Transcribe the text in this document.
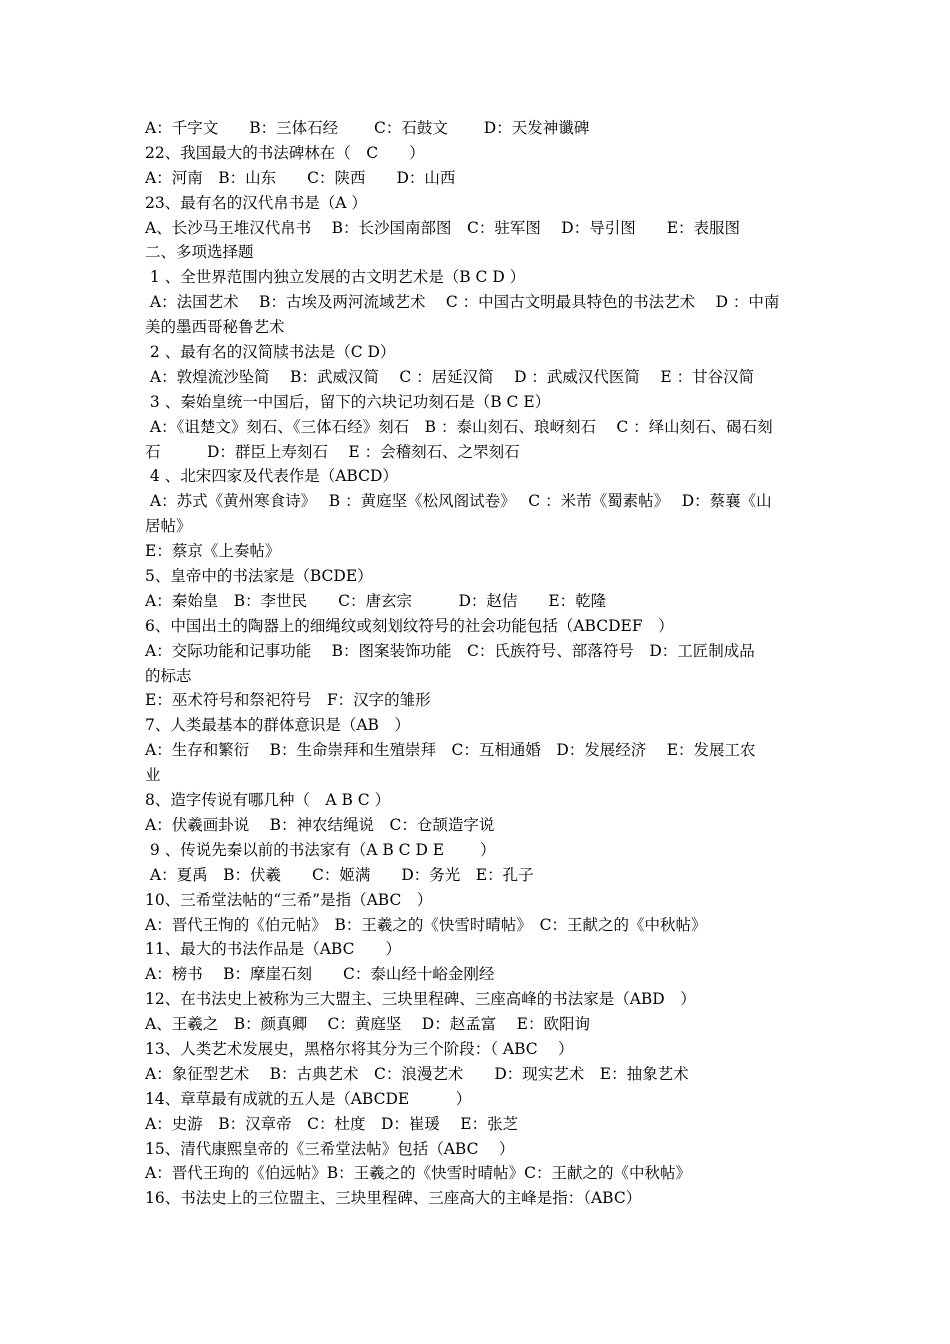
A：千字文　　B：三体石经　　 C：石鼓文　　 D：天发神谶碑
22、我国最大的书法碑林在（　C　　）
A：河南　B：山东　　C：陕西　　D：山西
23、最有名的汉代帛书是（A ）
A、长沙马王堆汉代帛书　 B：长沙国南部图　C：驻军图　 D：导引图　　E：表服图
二、多项选择题
1 、全世界范围内独立发展的古文明艺术是（B C D ）
A：法国艺术　 B：古埃及两河流域艺术　 C ：中国古文明最具特色的书法艺术　 D ：中南
美的墨西哥秘鲁艺术
2 、最有名的汉简牍书法是（C D）
A：敦煌流沙坠简　 B：武威汉简　 C ：居延汉简　 D ：武威汉代医简　 E ：甘谷汉简
3 、秦始皇统一中国后，留下的六块记功刻石是（B C E）
A：《诅楚文》刻石、《三体石经》刻石　B ：泰山刻石、琅岈刻石　 C ：绎山刻石、碣石刻
石　　　D：群臣上寿刻石　 E ：会稽刻石、之罘刻石
4 、北宋四家及代表作是（ABCD）
A：苏式《黄州寒食诗》　 B ：黄庭坚《松风阁试卷》　 C ：米芾《蜀素帖》　 D：蔡襄《山
居帖》
E：蔡京《上奏帖》
5、皇帝中的书法家是（BCDE）
A：秦始皇　B：李世民　　C：唐玄宗　　　D：赵佶　　E：乾隆
6、中国出土的陶器上的细绳纹或刻划纹符号的社会功能包括（ABCDEF　）
A：交际功能和记事功能　 B：图案装饰功能　C：氏族符号、部落符号　D：工匠制成品
的标志
E：巫术符号和祭祀符号　F：汉字的雏形
7、人类最基本的群体意识是（AB　）
A：生存和繁衍　 B：生命崇拜和生殖崇拜　C：互相通婚　D：发展经济　 E：发展工农
业
8、造字传说有哪几种（　A B C ）
A：伏羲画卦说　 B：神农结绳说　C：仓颉造字说
9 、传说先秦以前的书法家有（A B C D E　　 ）
A：夏禹　B：伏羲　　C：姬满　　D：务光　E：孔子
10、三希堂法帖的“三希”是指（ABC　）
A：晋代王恂的《伯元帖》　B：王羲之的《快雪时晴帖》　C：王献之的《中秋帖》
11、最大的书法作品是（ABC　　）
A：榜书　 B：摩崖石刻　　C：泰山经十峪金刚经
12、在书法史上被称为三大盟主、三块里程碑、三座高峰的书法家是（ABD　）
A、王羲之　B：颜真卿　 C：黄庭坚　 D：赵孟富　 E：欧阳询
13、人类艺术发展史，黑格尔将其分为三个阶段：（ ABC　 ）
A：象征型艺术　 B：古典艺术　C：浪漫艺术　　D：现实艺术　E：抽象艺术
14、章草最有成就的五人是（ABCDE　　　）
A：史游　B：汉章帝　C：杜度　D：崔瑗　 E：张芝
15、清代康熙皇帝的《三希堂法帖》包括（ABC　 ）
A：晋代王珣的《伯远帖》B：王羲之的《快雪时晴帖》C：王献之的《中秋帖》
16、书法史上的三位盟主、三块里程碑、三座高大的主峰是指：（ABC）
